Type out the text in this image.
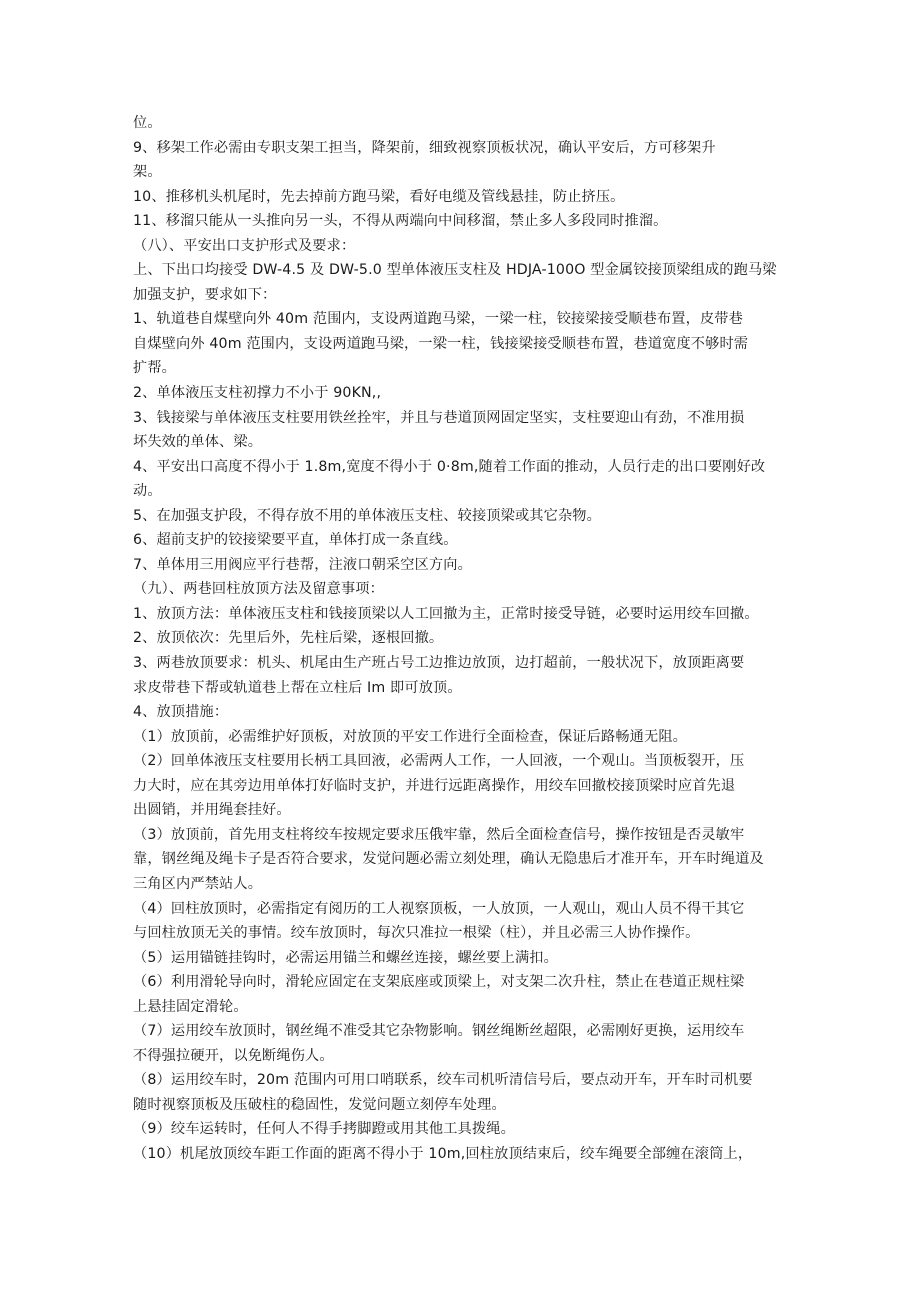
位。
9、移架工作必需由专职支架工担当，降架前，细致视察顶板状况，确认平安后，方可移架升
架。
10、推移机头机尾时，先去掉前方跑马梁，看好电缆及管线悬挂，防止挤压。
11、移溜只能从一头推向另一头，不得从两端向中间移溜，禁止多人多段同时推溜。
（八）、平安出口支护形式及要求：
上、下出口均接受 DW-4.5 及 DW-5.0 型单体液压支柱及 HDJA-100O 型金属铰接顶梁组成的跑马梁
加强支护，要求如下：
1、轨道巷自煤壁向外 40m 范围内，支设两道跑马梁，一梁一柱，铰接梁接受顺巷布置，皮带巷
自煤壁向外 40m 范围内，支设两道跑马梁，一梁一柱，钱接梁接受顺巷布置，巷道宽度不够时需
扩帮。
2、单体液压支柱初撑力不小于 90KN,,
3、钱接梁与单体液压支柱要用铁丝拴牢，并且与巷道顶网固定坚实，支柱要迎山有劲，不准用损
坏失效的单体、梁。
4、平安出口高度不得小于 1.8m,宽度不得小于 0·8m,随着工作面的推动，人员行走的出口要刚好改
动。
5、在加强支护段，不得存放不用的单体液压支柱、较接顶梁或其它杂物。
6、超前支护的铰接梁要平直，单体打成一条直线。
7、单体用三用阀应平行巷帮，注液口朝采空区方向。
（九）、两巷回柱放顶方法及留意事项：
1、放顶方法：单体液压支柱和钱接顶梁以人工回撤为主，正常时接受导链，必要时运用绞车回撤。
2、放顶依次：先里后外，先柱后梁，逐根回撤。
3、两巷放顶要求：机头、机尾由生产班占号工边推边放顶，边打超前，一般状况下，放顶距离要
求皮带巷下帮或轨道巷上帮在立柱后 Im 即可放顶。
4、放顶措施：
（1）放顶前，必需维护好顶板，对放顶的平安工作进行全面检查，保证后路畅通无阻。
（2）回单体液压支柱要用长柄工具回液，必需两人工作，一人回液，一个观山。当顶板裂开，压
力大时，应在其旁边用单体打好临时支护，并进行远距离操作，用绞车回撤校接顶梁时应首先退
出圆销，并用绳套挂好。
（3）放顶前，首先用支柱将绞车按规定要求压俄牢靠，然后全面检查信号，操作按钮是否灵敏牢
靠，钢丝绳及绳卡子是否符合要求，发觉问题必需立刻处理，确认无隐患后才准开车，开车时绳道及
三角区内严禁站人。
（4）回柱放顶时，必需指定有阅历的工人视察顶板，一人放顶，一人观山，观山人员不得干其它
与回柱放顶无关的事情。绞车放顶时，每次只准拉一根梁（柱），并且必需三人协作操作。
（5）运用锚链挂钩时，必需运用锚兰和螺丝连接，螺丝要上满扣。
（6）利用滑轮导向时，滑轮应固定在支架底座或顶梁上，对支架二次升柱，禁止在巷道正规柱梁
上悬挂固定滑轮。
（7）运用绞车放顶时，钢丝绳不准受其它杂物影响。钢丝绳断丝超限，必需刚好更换，运用绞车
不得强拉硬开，以免断绳伤人。
（8）运用绞车时，20m 范围内可用口哨联系，绞车司机听清信号后，要点动开车，开车时司机要
随时视察顶板及压破柱的稳固性，发觉问题立刻停车处理。
（9）绞车运转时，任何人不得手拷脚蹬或用其他工具拨绳。
（10）机尾放顶绞车距工作面的距离不得小于 10m,回柱放顶结束后，绞车绳要全部缠在滚筒上，
